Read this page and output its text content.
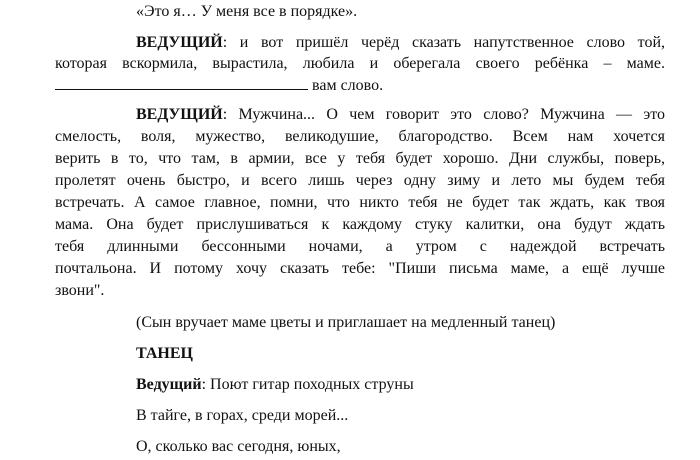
«Это я… У меня все в порядке».
ВЕДУЩИЙ: и вот пришёл черёд сказать напутственное слово той,
которая вскормила, вырастила, любила и оберегала своего ребёнка – маме.
вам слово.
ВЕДУЩИЙ: Мужчина... О чем говорит это слово? Мужчина — это
смелость, воля, мужество, великодушие, благородство. Всем нам хочется
верить в то, что там, в армии, все у тебя будет хорошо. Дни службы, поверь,
пролетят очень быстро, и всего лишь через одну зиму и лето мы будем тебя
встречать. А самое главное, помни, что никто тебя не будет так ждать, как твоя
мама. Она будет прислушиваться к каждому стуку калитки, она будут ждать
тебя длинными бессонными ночами, а утром с надеждой встречать
почтальона. И потому хочу сказать тебе: "Пиши письма маме, а ещё лучше
звони".
(Сын вручает маме цветы и приглашает на медленный танец)
ТАНЕЦ
Ведущий: Поют гитар походных струны
В тайге, в горах, среди морей...
О, сколько вас сегодня, юных,
